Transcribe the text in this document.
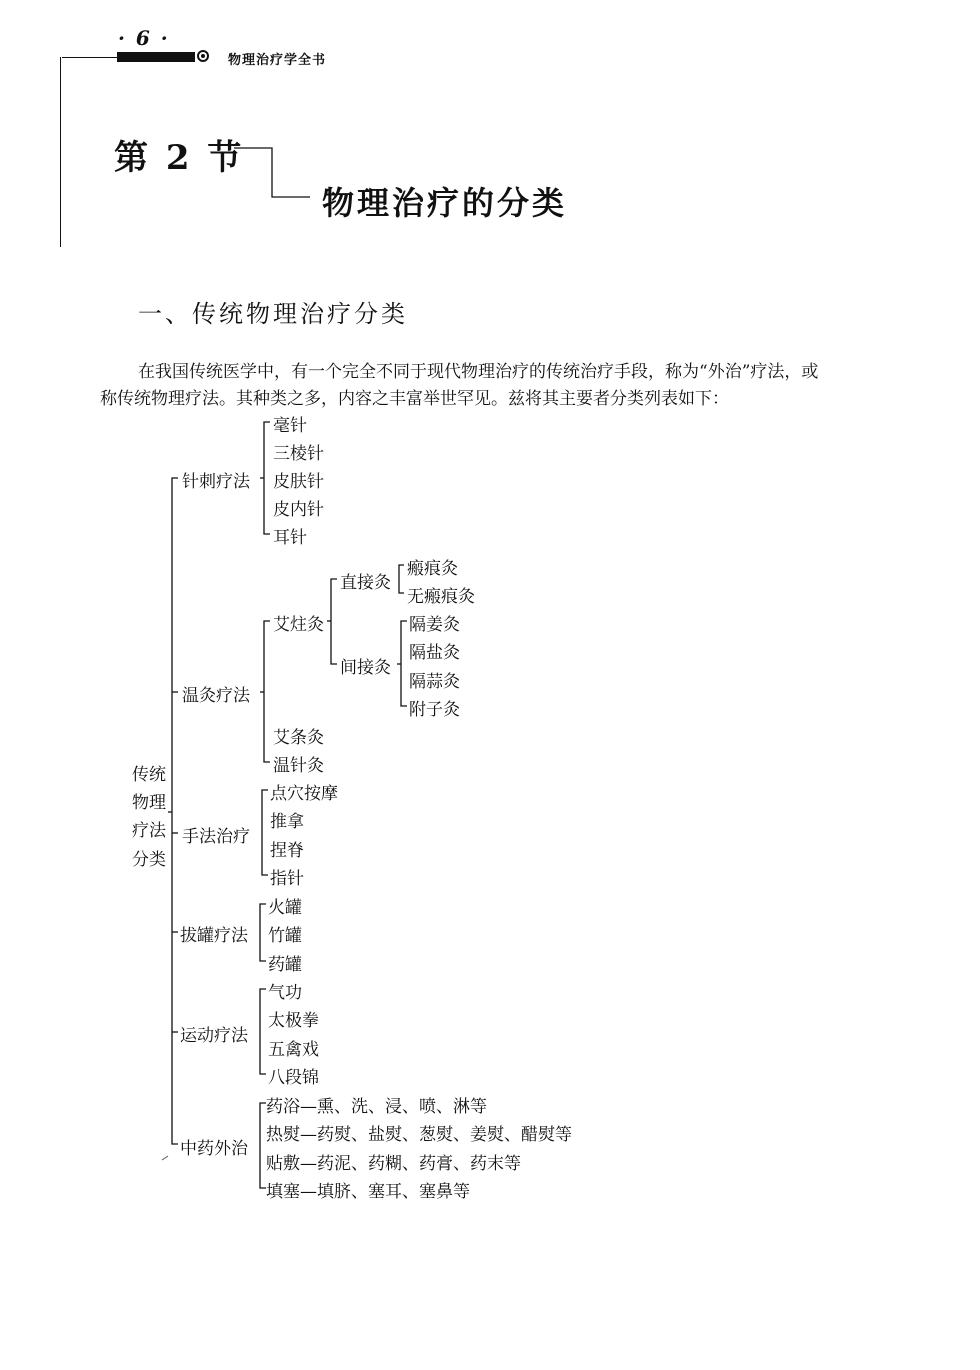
· 6 ·
物理治疗学全书
第 2 节
物理治疗的分类
一、传统物理治疗分类
在我国传统医学中，有一个完全不同于现代物理治疗的传统治疗手段，称为“外治”疗法，或
称传统物理疗法。其种类之多，内容之丰富举世罕见。兹将其主要者分类列表如下：
传统
物理
疗法
分类
针刺疗法
毫针
三棱针
皮肤针
皮内针
耳针
温灸疗法
艾炷灸
直接灸
瘢痕灸
无瘢痕灸
间接灸
隔姜灸
隔盐灸
隔蒜灸
附子灸
艾条灸
温针灸
手法治疗
点穴按摩
推拿
捏脊
指针
拔罐疗法
火罐
竹罐
药罐
运动疗法
气功
太极拳
五禽戏
八段锦
中药外治
药浴—熏、洗、浸、喷、淋等
热熨—药熨、盐熨、葱熨、姜熨、醋熨等
贴敷—药泥、药糊、药膏、药末等
填塞—填脐、塞耳、塞鼻等
